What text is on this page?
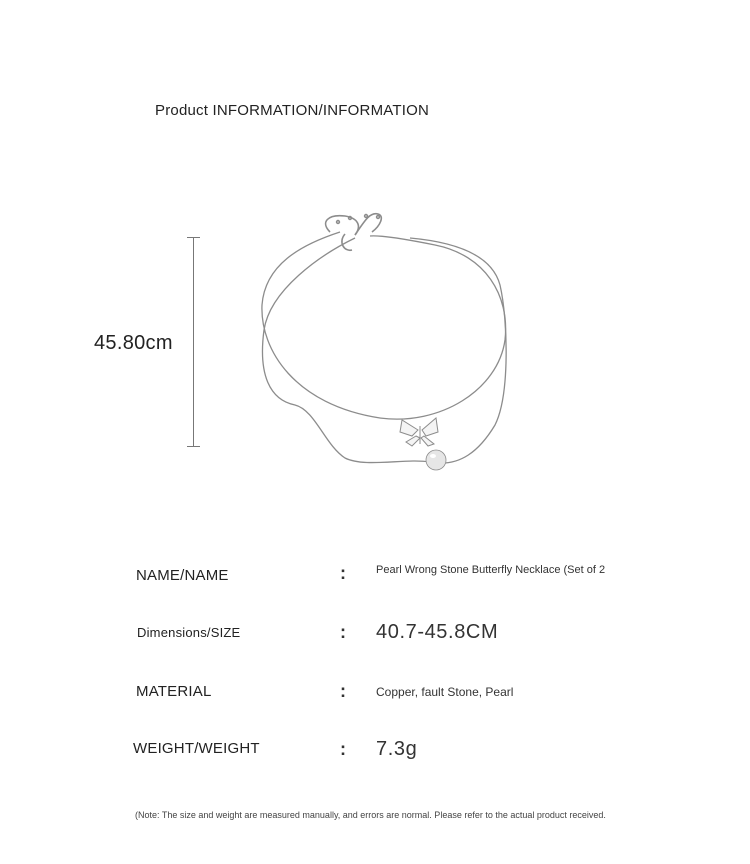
Product INFORMATION/INFORMATION
45.80cm
NAME/NAME	:	Pearl Wrong Stone Butterfly Necklace (Set of 2
Dimensions/SIZE	: 40.7-45.8CM
MATERIAL	:	Copper, fault Stone, Pearl
WEIGHT/WEIGHT	: 7.3g
(Note: The size and weight are measured manually, and errors are normal. Please refer to the actual product received.
